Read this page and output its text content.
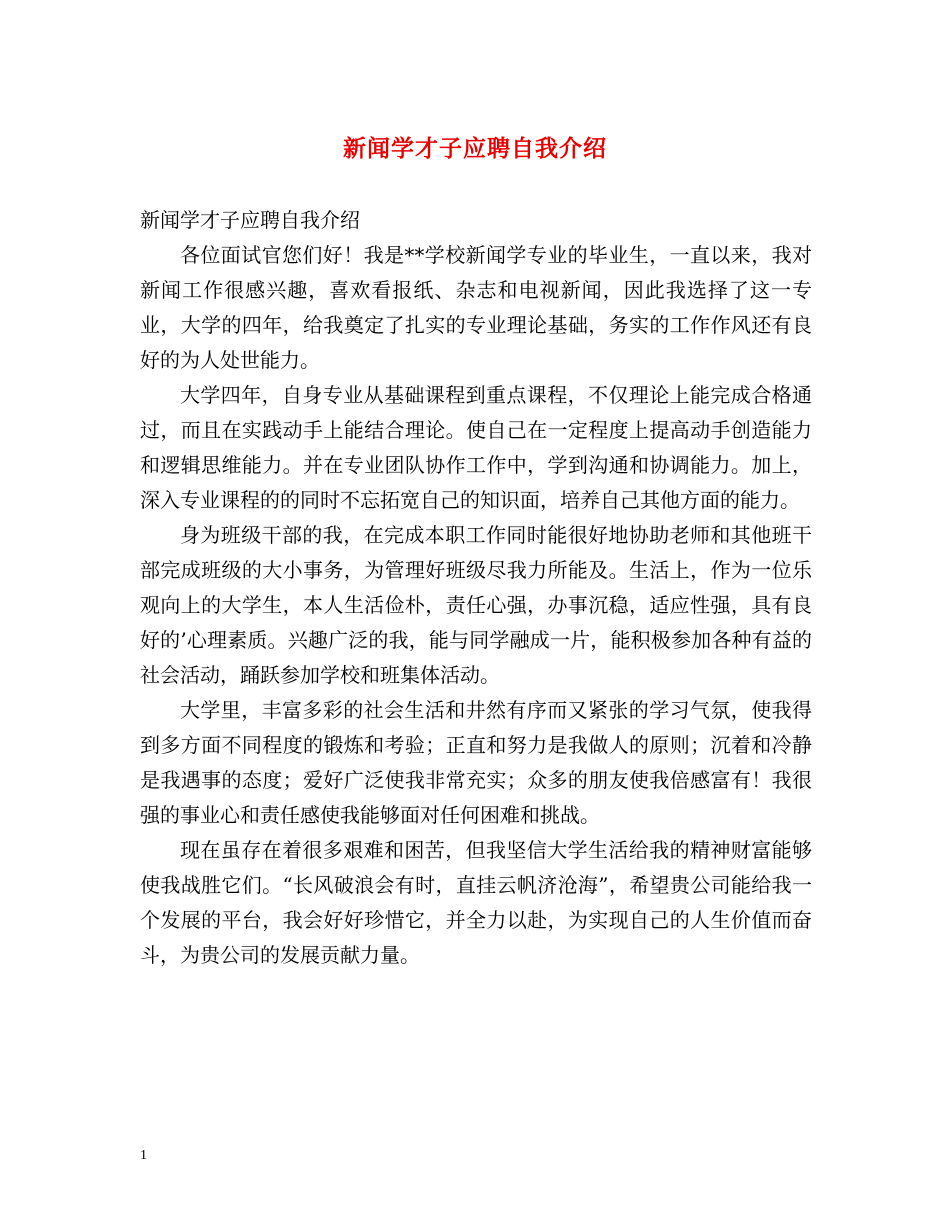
新闻学才子应聘自我介绍

新闻学才子应聘自我介绍

各位面试官您们好！我是**学校新闻学专业的毕业生，一直以来，我对新闻工作很感兴趣，喜欢看报纸、杂志和电视新闻，因此我选择了这一专业，大学的四年，给我奠定了扎实的专业理论基础，务实的工作作风还有良好的为人处世能力。

大学四年，自身专业从基础课程到重点课程，不仅理论上能完成合格通过，而且在实践动手上能结合理论。使自己在一定程度上提高动手创造能力和逻辑思维能力。并在专业团队协作工作中，学到沟通和协调能力。加上，深入专业课程的的同时不忘拓宽自己的知识面，培养自己其他方面的能力。

身为班级干部的我，在完成本职工作同时能很好地协助老师和其他班干部完成班级的大小事务，为管理好班级尽我力所能及。生活上，作为一位乐观向上的大学生，本人生活俭朴，责任心强，办事沉稳，适应性强，具有良好的’心理素质。兴趣广泛的我，能与同学融成一片，能积极参加各种有益的社会活动，踊跃参加学校和班集体活动。

大学里，丰富多彩的社会生活和井然有序而又紧张的学习气氛，使我得到多方面不同程度的锻炼和考验；正直和努力是我做人的原则；沉着和冷静是我遇事的态度；爱好广泛使我非常充实；众多的朋友使我倍感富有！我很强的事业心和责任感使我能够面对任何困难和挑战。

现在虽存在着很多艰难和困苦，但我坚信大学生活给我的精神财富能够使我战胜它们。“长风破浪会有时，直挂云帆济沧海”，希望贵公司能给我一个发展的平台，我会好好珍惜它，并全力以赴，为实现自己的人生价值而奋斗，为贵公司的发展贡献力量。

1
